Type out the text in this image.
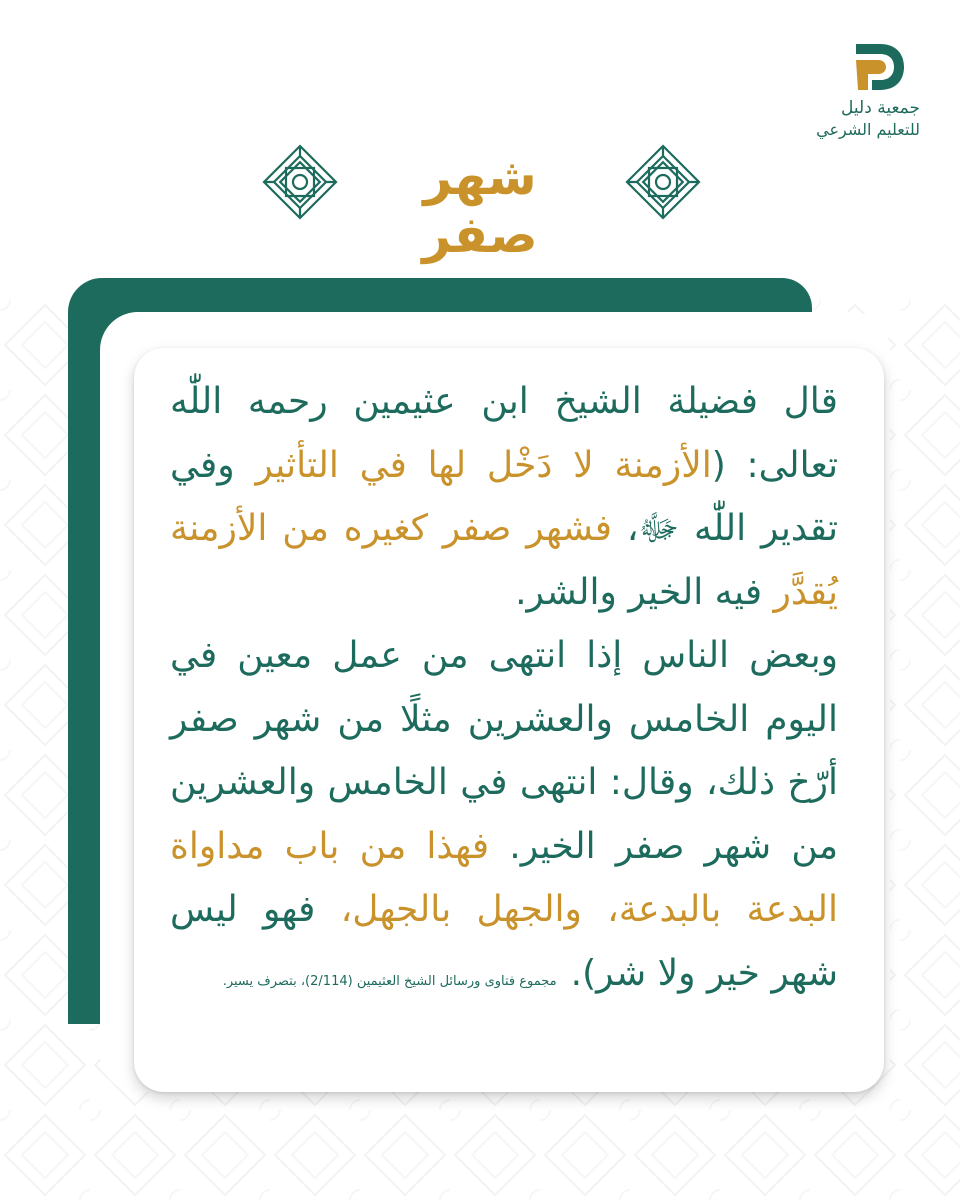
جمعية دليل
للتعليم الشرعي
شهر صفر
قال فضيلة الشيخ ابن عثيمين رحمه اللّٰه تعالى: (الأزمنة لا دَخْل لها في التأثير وفي تقدير اللّٰه ﷻ، فشهر صفر كغيره من الأزمنة يُقدَّر فيه الخير والشر.
وبعض الناس إذا انتهى من عمل معين في اليوم الخامس والعشرين مثلًا من شهر صفر أرّخ ذلك، وقال: انتهى في الخامس والعشرين من شهر صفر الخير. فهذا من باب مداواة البدعة بالبدعة، والجهل بالجهل، فهو ليس شهر خير ولا شر).مجموع فتاوى ورسائل الشيخ العثيمين (2/114)، بتصرف يسير.
